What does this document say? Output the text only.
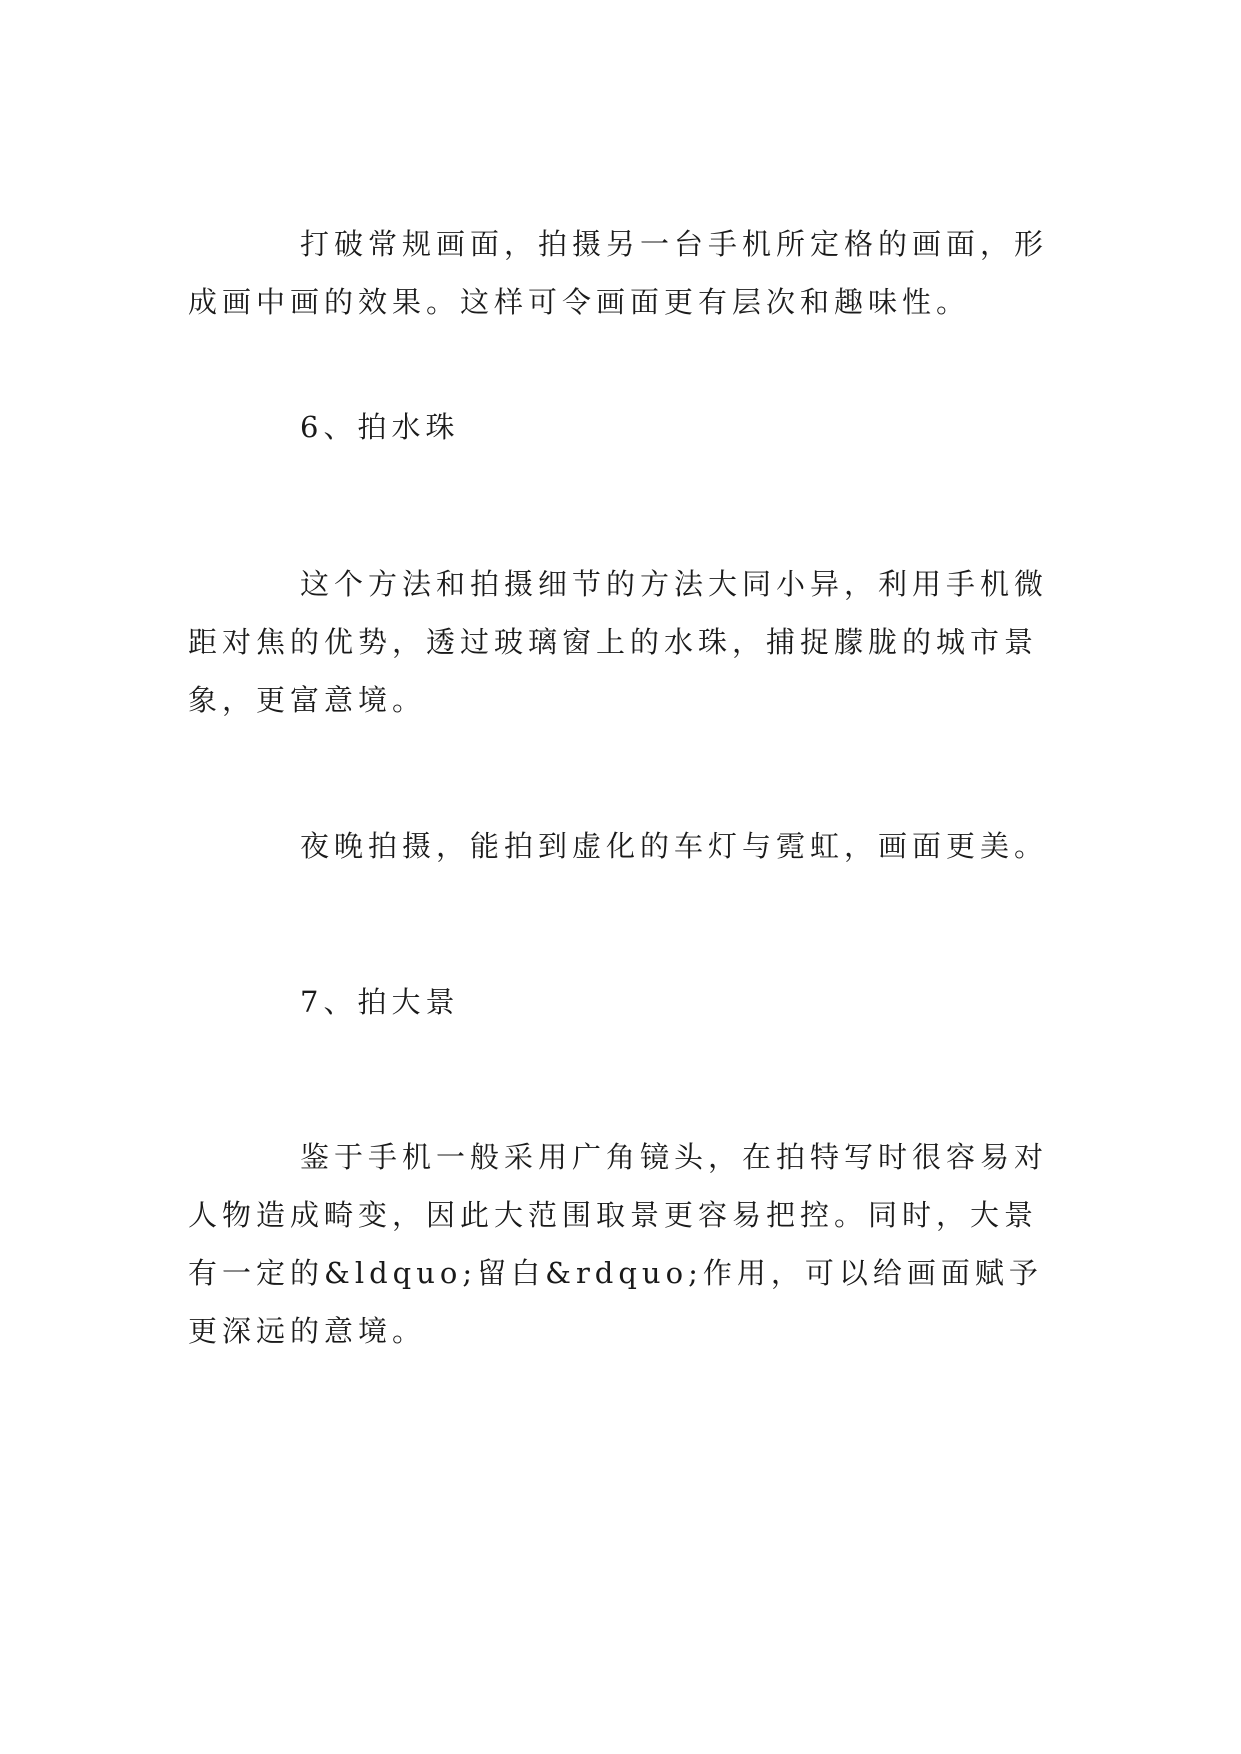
打破常规画面，拍摄另一台手机所定格的画面，形成画中画的效果。这样可令画面更有层次和趣味性。

6、拍水珠

这个方法和拍摄细节的方法大同小异，利用手机微距对焦的优势，透过玻璃窗上的水珠，捕捉朦胧的城市景象，更富意境。

夜晚拍摄，能拍到虚化的车灯与霓虹，画面更美。

7、拍大景

鉴于手机一般采用广角镜头，在拍特写时很容易对人物造成畸变，因此大范围取景更容易把控。同时，大景有一定的&ldquo;留白&rdquo;作用，可以给画面赋予更深远的意境。
